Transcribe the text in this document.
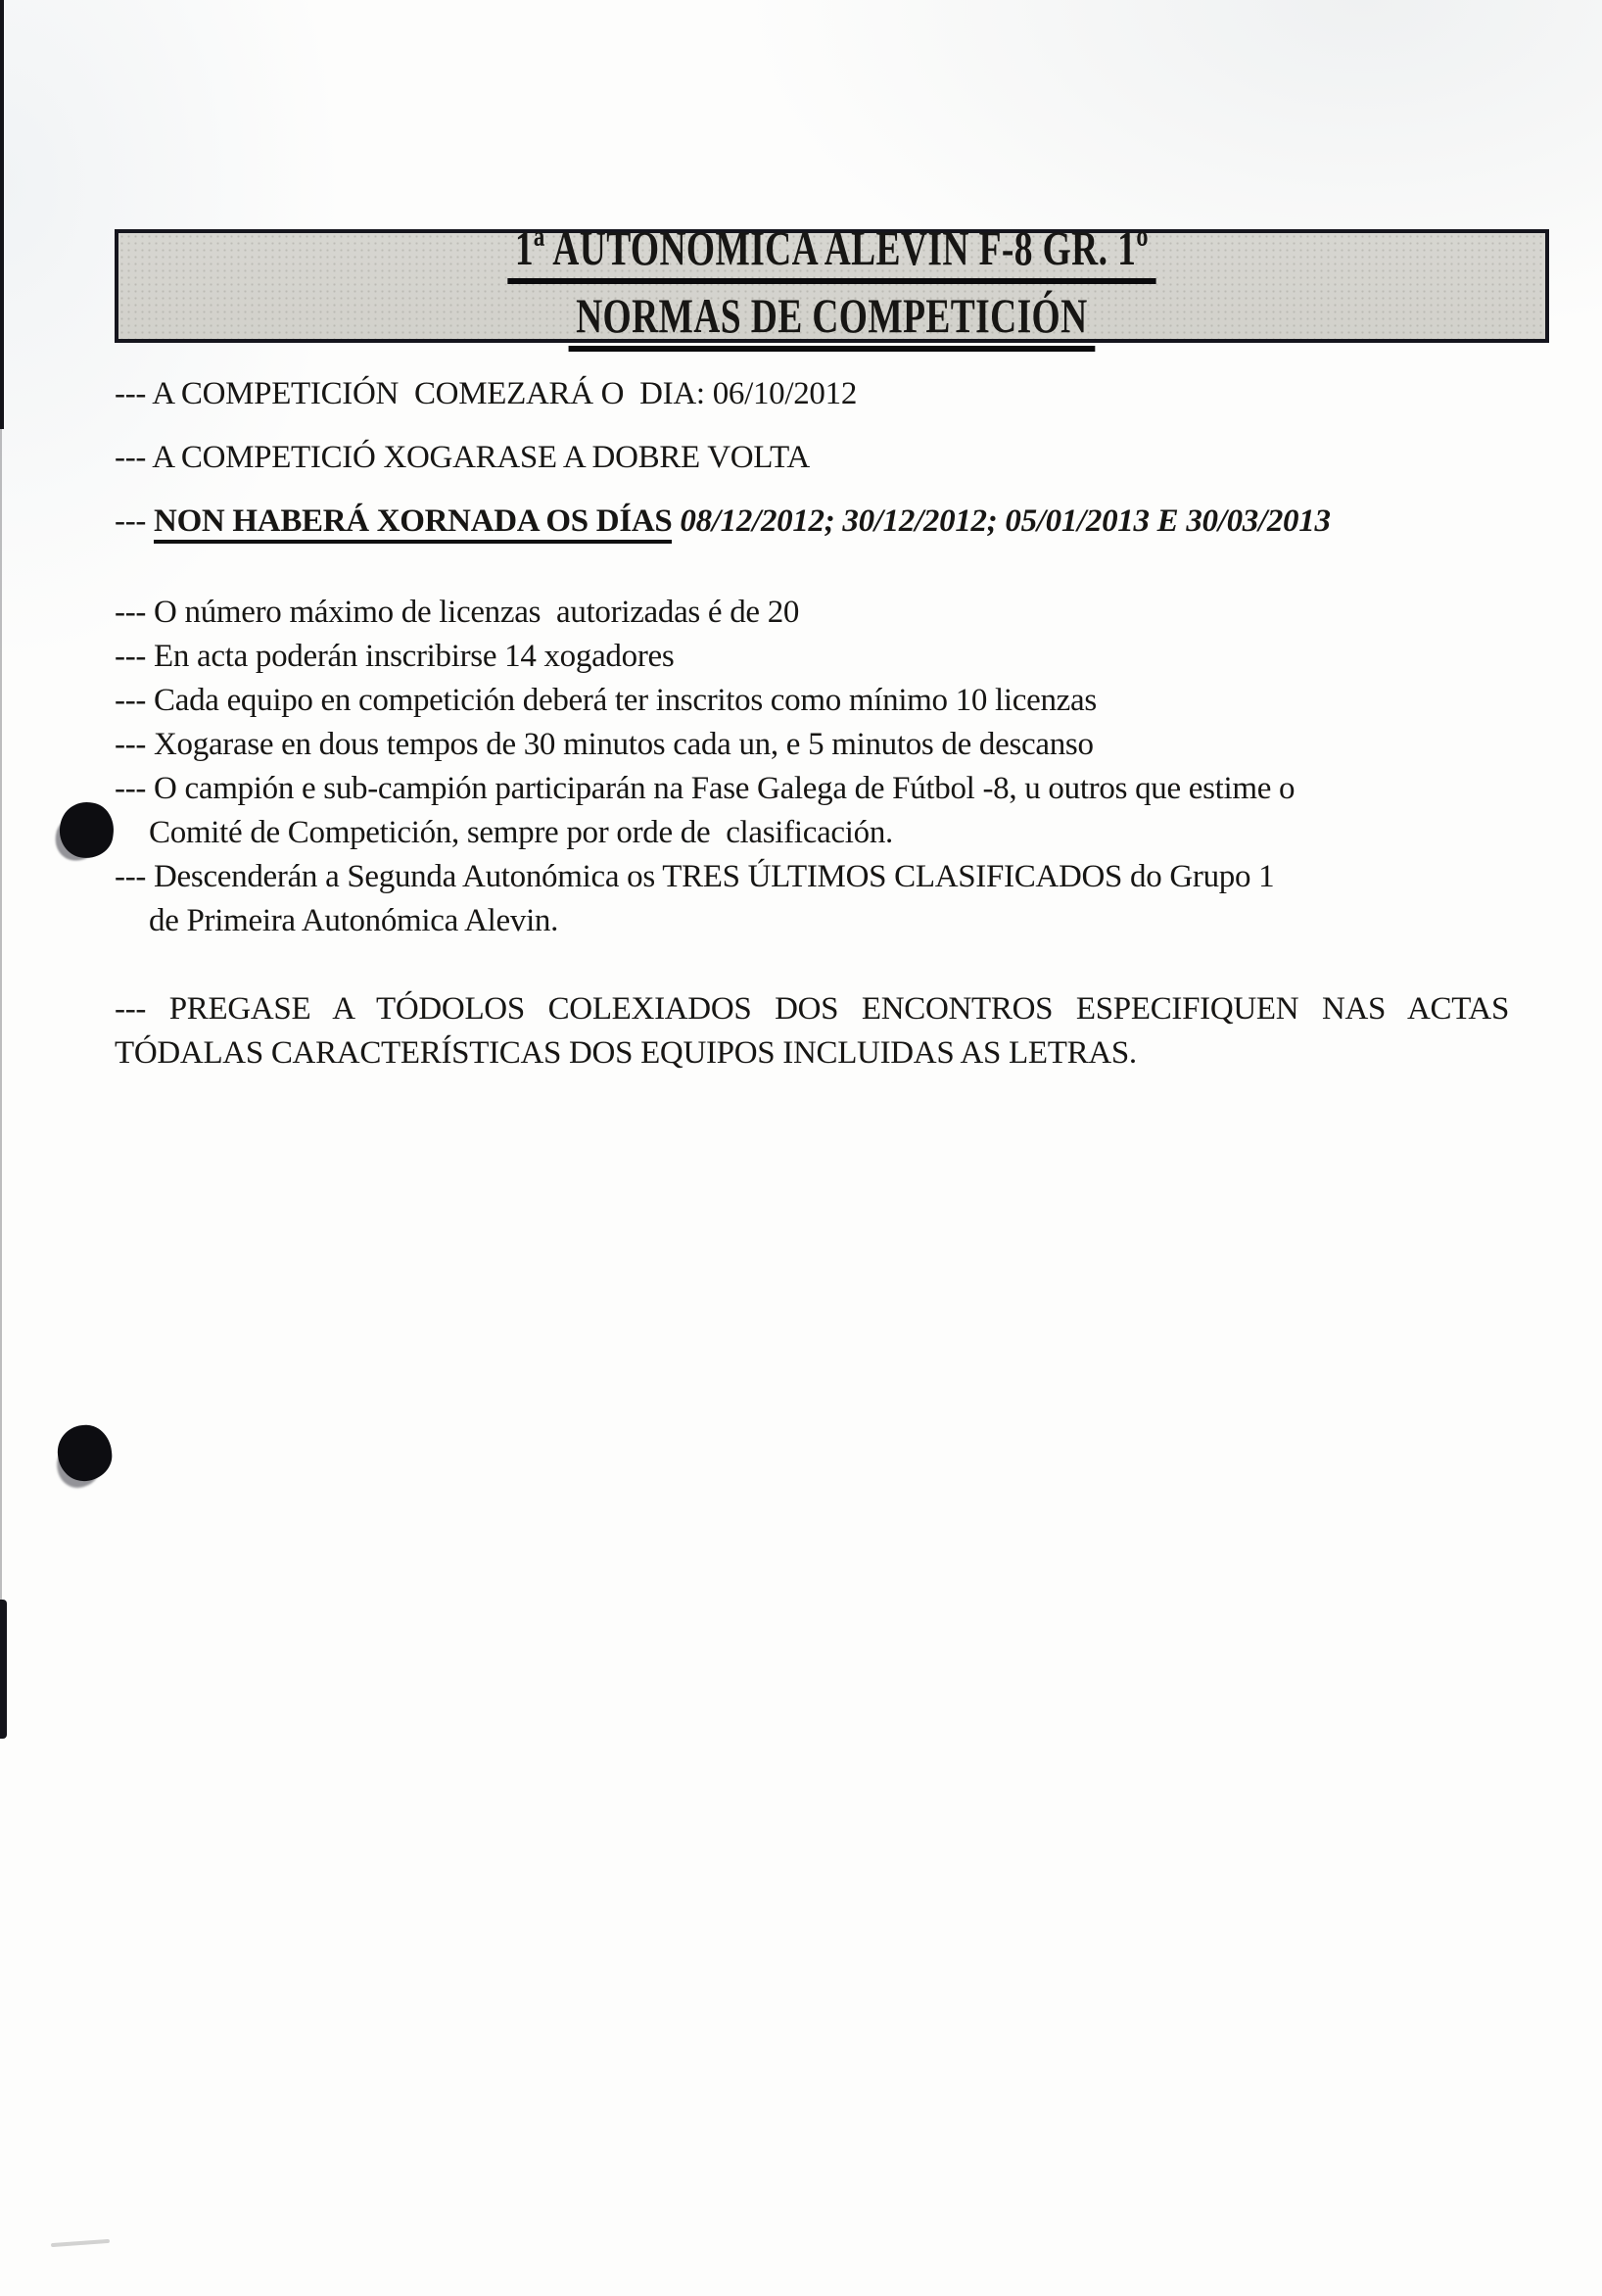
1ª AUTONOMICA ALEVIN F-8 GR. 1º
NORMAS DE COMPETICIÓN
--- A COMPETICIÓN  COMEZARÁ O  DIA: 06/10/2012
--- A COMPETICIÓ XOGARASE A DOBRE VOLTA
--- NON HABERÁ XORNADA OS DÍAS 08/12/2012; 30/12/2012; 05/01/2013 E 30/03/2013
--- O número máximo de licenzas  autorizadas é de 20
--- En acta poderán inscribirse 14 xogadores
--- Cada equipo en competición deberá ter inscritos como mínimo 10 licenzas
--- Xogarase en dous tempos de 30 minutos cada un, e 5 minutos de descanso
--- O campión e sub-campión participarán na Fase Galega de Fútbol -8, u outros que estime o
Comité de Competición, sempre por orde de  clasificación.
--- Descenderán a Segunda Autonómica os TRES ÚLTIMOS CLASIFICADOS do Grupo 1
de Primeira Autonómica Alevin.
--- PREGASE A TÓDOLOS COLEXIADOS DOS ENCONTROS ESPECIFIQUEN NAS ACTAS
TÓDALAS CARACTERÍSTICAS DOS EQUIPOS INCLUIDAS AS LETRAS.
